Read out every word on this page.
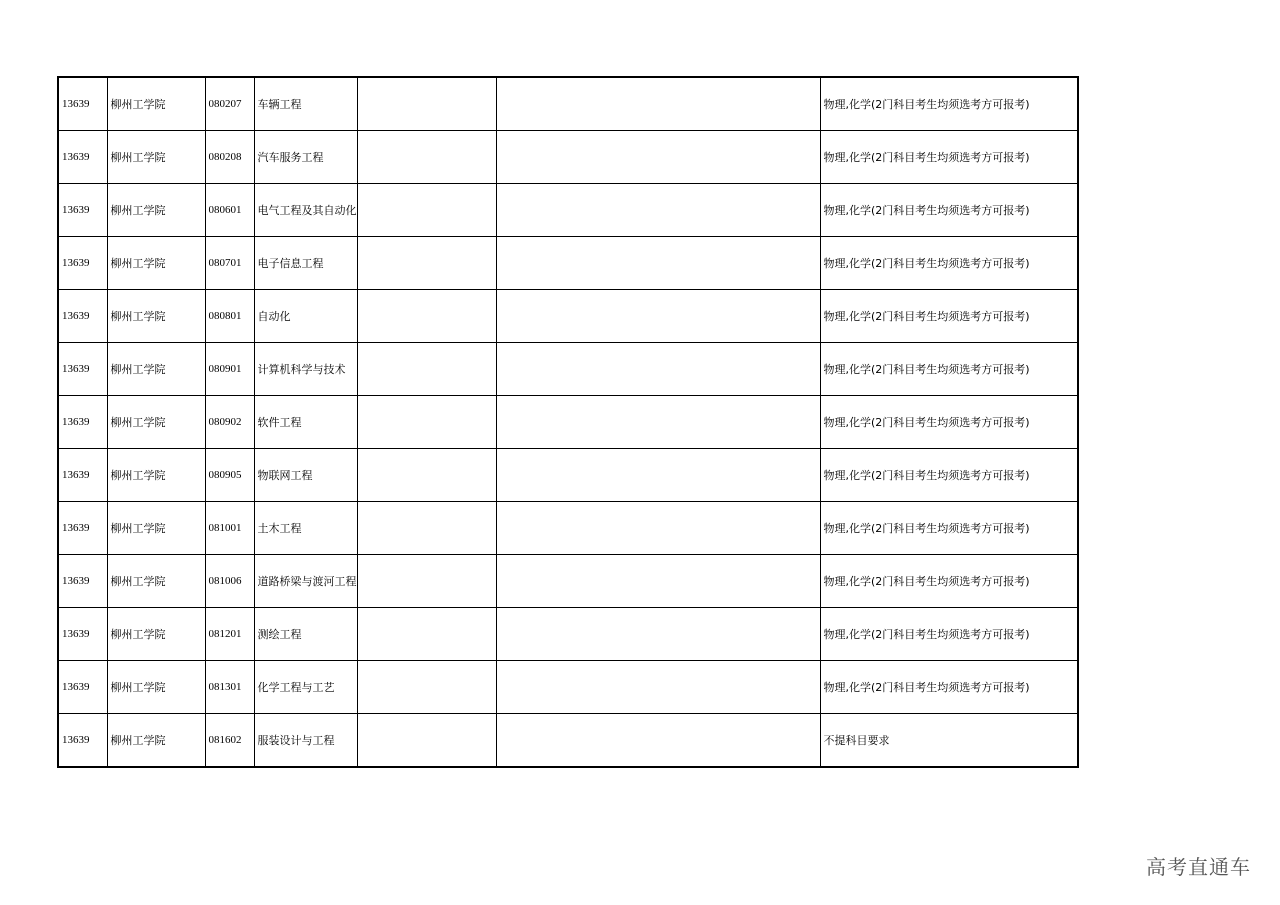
13639	柳州工学院	080207	车辆工程			物理,化学(2门科目考生均须选考方可报考)
13639	柳州工学院	080208	汽车服务工程			物理,化学(2门科目考生均须选考方可报考)
13639	柳州工学院	080601	电气工程及其自动化			物理,化学(2门科目考生均须选考方可报考)
13639	柳州工学院	080701	电子信息工程			物理,化学(2门科目考生均须选考方可报考)
13639	柳州工学院	080801	自动化			物理,化学(2门科目考生均须选考方可报考)
13639	柳州工学院	080901	计算机科学与技术			物理,化学(2门科目考生均须选考方可报考)
13639	柳州工学院	080902	软件工程			物理,化学(2门科目考生均须选考方可报考)
13639	柳州工学院	080905	物联网工程			物理,化学(2门科目考生均须选考方可报考)
13639	柳州工学院	081001	土木工程			物理,化学(2门科目考生均须选考方可报考)
13639	柳州工学院	081006	道路桥梁与渡河工程			物理,化学(2门科目考生均须选考方可报考)
13639	柳州工学院	081201	测绘工程			物理,化学(2门科目考生均须选考方可报考)
13639	柳州工学院	081301	化学工程与工艺			物理,化学(2门科目考生均须选考方可报考)
13639	柳州工学院	081602	服装设计与工程			不提科目要求
高考直通车
